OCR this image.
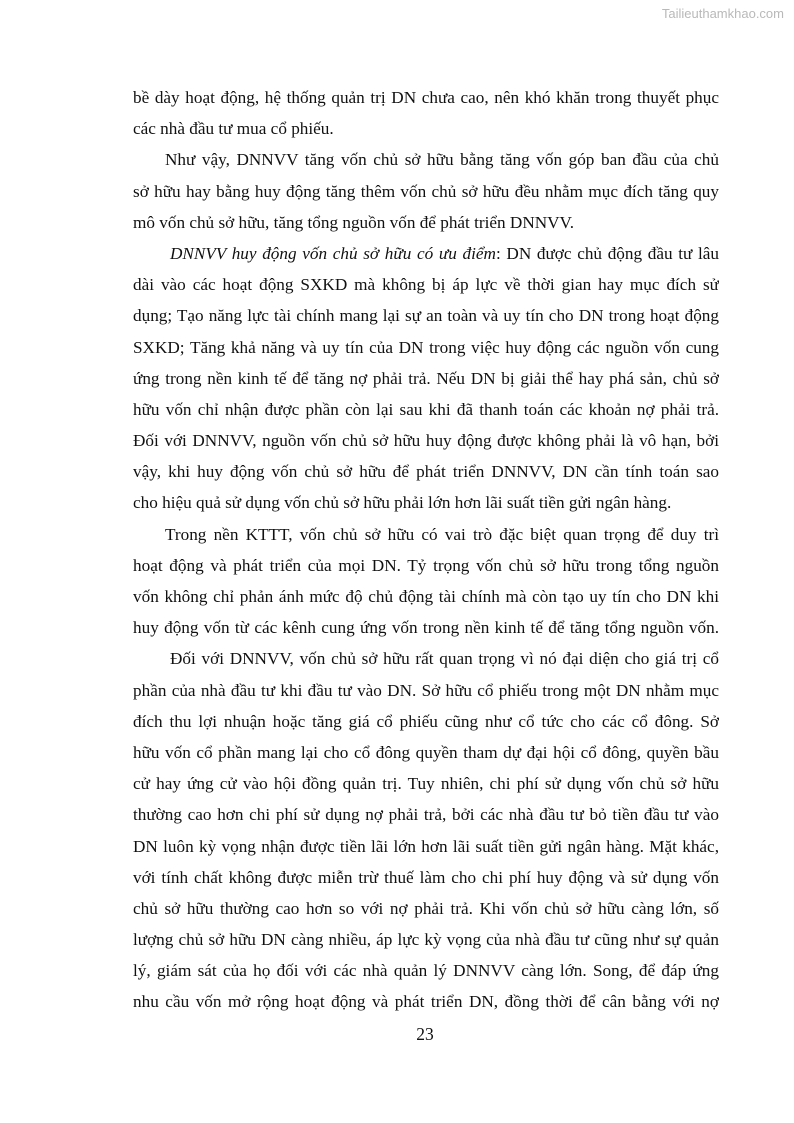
Tailieuthamkhao.com
bề dày hoạt động, hệ thống quản trị DN chưa cao, nên khó khăn trong thuyết phục
các nhà đầu tư mua cổ phiếu.
Như vậy, DNNVV tăng vốn chủ sở hữu bằng tăng vốn góp ban đầu của chủ
sở hữu hay bằng huy động tăng thêm vốn chủ sở hữu đều nhằm mục đích tăng quy
mô vốn chủ sở hữu, tăng tổng nguồn vốn để phát triển DNNVV.
DNNVV huy động vốn chủ sở hữu có ưu điểm: DN được chủ động đầu tư lâu
dài vào các hoạt động SXKD mà không bị áp lực về thời gian hay mục đích sử
dụng; Tạo năng lực tài chính mang lại sự an toàn và uy tín cho DN trong hoạt động
SXKD; Tăng khả năng và uy tín của DN trong việc huy động các nguồn vốn cung
ứng trong nền kinh tế để tăng nợ phải trả. Nếu DN bị giải thể hay phá sản, chủ sở
hữu vốn chỉ nhận được phần còn lại sau khi đã thanh toán các khoản nợ phải trả.
Đối với DNNVV, nguồn vốn chủ sở hữu huy động được không phải là vô hạn, bởi
vậy, khi huy động vốn chủ sở hữu để phát triển DNNVV, DN cần tính toán sao
cho hiệu quả sử dụng vốn chủ sở hữu phải lớn hơn lãi suất tiền gửi ngân hàng.
Trong nền KTTT, vốn chủ sở hữu có vai trò đặc biệt quan trọng để duy trì
hoạt động và phát triển của mọi DN. Tỷ trọng vốn chủ sở hữu trong tổng nguồn
vốn không chỉ phản ánh mức độ chủ động tài chính mà còn tạo uy tín cho DN khi
huy động vốn từ các kênh cung ứng vốn trong nền kinh tế để tăng tổng nguồn vốn.
Đối với DNNVV, vốn chủ sở hữu rất quan trọng vì nó đại diện cho giá trị cổ
phần của nhà đầu tư khi đầu tư vào DN. Sở hữu cổ phiếu trong một DN nhằm mục
đích thu lợi nhuận hoặc tăng giá cổ phiếu cũng như cổ tức cho các cổ đông. Sở
hữu vốn cổ phần mang lại cho cổ đông quyền tham dự đại hội cổ đông, quyền bầu
cử hay ứng cử vào hội đồng quản trị. Tuy nhiên, chi phí sử dụng vốn chủ sở hữu
thường cao hơn chi phí sử dụng nợ phải trả, bởi các nhà đầu tư bỏ tiền đầu tư vào
DN luôn kỳ vọng nhận được tiền lãi lớn hơn lãi suất tiền gửi ngân hàng. Mặt khác,
với tính chất không được miễn trừ thuế làm cho chi phí huy động và sử dụng vốn
chủ sở hữu thường cao hơn so với nợ phải trả. Khi vốn chủ sở hữu càng lớn, số
lượng chủ sở hữu DN càng nhiều, áp lực kỳ vọng của nhà đầu tư cũng như sự quản
lý, giám sát của họ đối với các nhà quản lý DNNVV càng lớn. Song, để đáp ứng
nhu cầu vốn mở rộng hoạt động và phát triển DN, đồng thời để cân bằng với nợ
23
